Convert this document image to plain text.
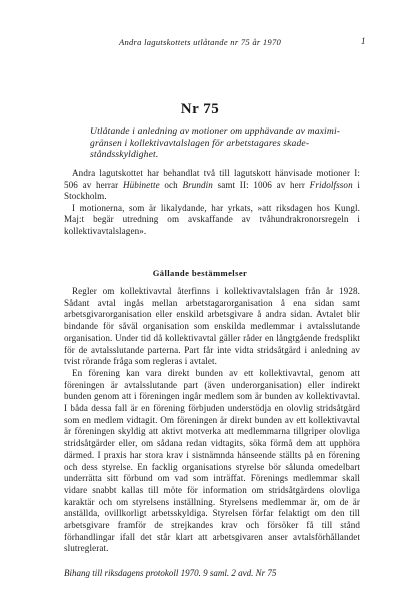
Andra lagutskottets utlåtande nr 75 år 1970	1
Nr 75
Utlåtande i anledning av motioner om upphävande av maximi-
gränsen i kollektivavtalslagen för arbetstagares skade-
ståndsskyldighet.

Andra lagutskottet har behandlat två till lagutskott hänvisade motioner I: 506 av herrar Hübinette och Brundin samt II: 1006 av herr Fridolfsson i Stockholm.

I motionerna, som är likalydande, har yrkats, »att riksdagen hos Kungl. Maj:t begär utredning om avskaffande av tvåhundrakronorsregeln i kollektivavtalslagen».

Gällande bestämmelser

Regler om kollektivavtal återfinns i kollektivavtalslagen från år 1928. Sådant avtal ingås mellan arbetstagarorganisation å ena sidan samt arbetsgivarorganisation eller enskild arbetsgivare å andra sidan. Avtalet blir bindande för såväl organisation som enskilda medlemmar i avtalsslutande organisation. Under tid då kollektivavtal gäller råder en långtgående fredsplikt för de avtalsslutande parterna. Part får inte vidta stridsåtgärd i anledning av tvist rörande fråga som regleras i avtalet.

En förening kan vara direkt bunden av ett kollektivavtal, genom att föreningen är avtalsslutande part (även underorganisation) eller indirekt bunden genom att i föreningen ingår medlem som är bunden av kollektivavtal. I båda dessa fall är en förening förbjuden understödja en olovlig stridsåtgärd som en medlem vidtagit. Om föreningen är direkt bunden av ett kollektivavtal är föreningen skyldig att aktivt motverka att medlemmarna tillgriper olovliga stridsåtgärder eller, om sådana redan vidtagits, söka förmå dem att upphöra därmed. I praxis har stora krav i sistnämnda hänseende ställts på en förening och dess styrelse. En facklig organisations styrelse bör sålunda omedelbart underrätta sitt förbund om vad som inträffat. Förenings medlemmar skall vidare snabbt kallas till möte för information om stridsåtgärdens olovliga karaktär och om styrelsens inställning. Styrelsens medlemmar är, om de är anställda, ovillkorligt arbetsskyldiga. Styrelsen förfar felaktigt om den till arbetsgivare framför de strejkandes krav och försöker få till stånd förhandlingar ifall det står klart att arbetsgivaren anser avtalsförhållandet slutreglerat.

Bihang till riksdagens protokoll 1970. 9 saml. 2 avd. Nr 75
